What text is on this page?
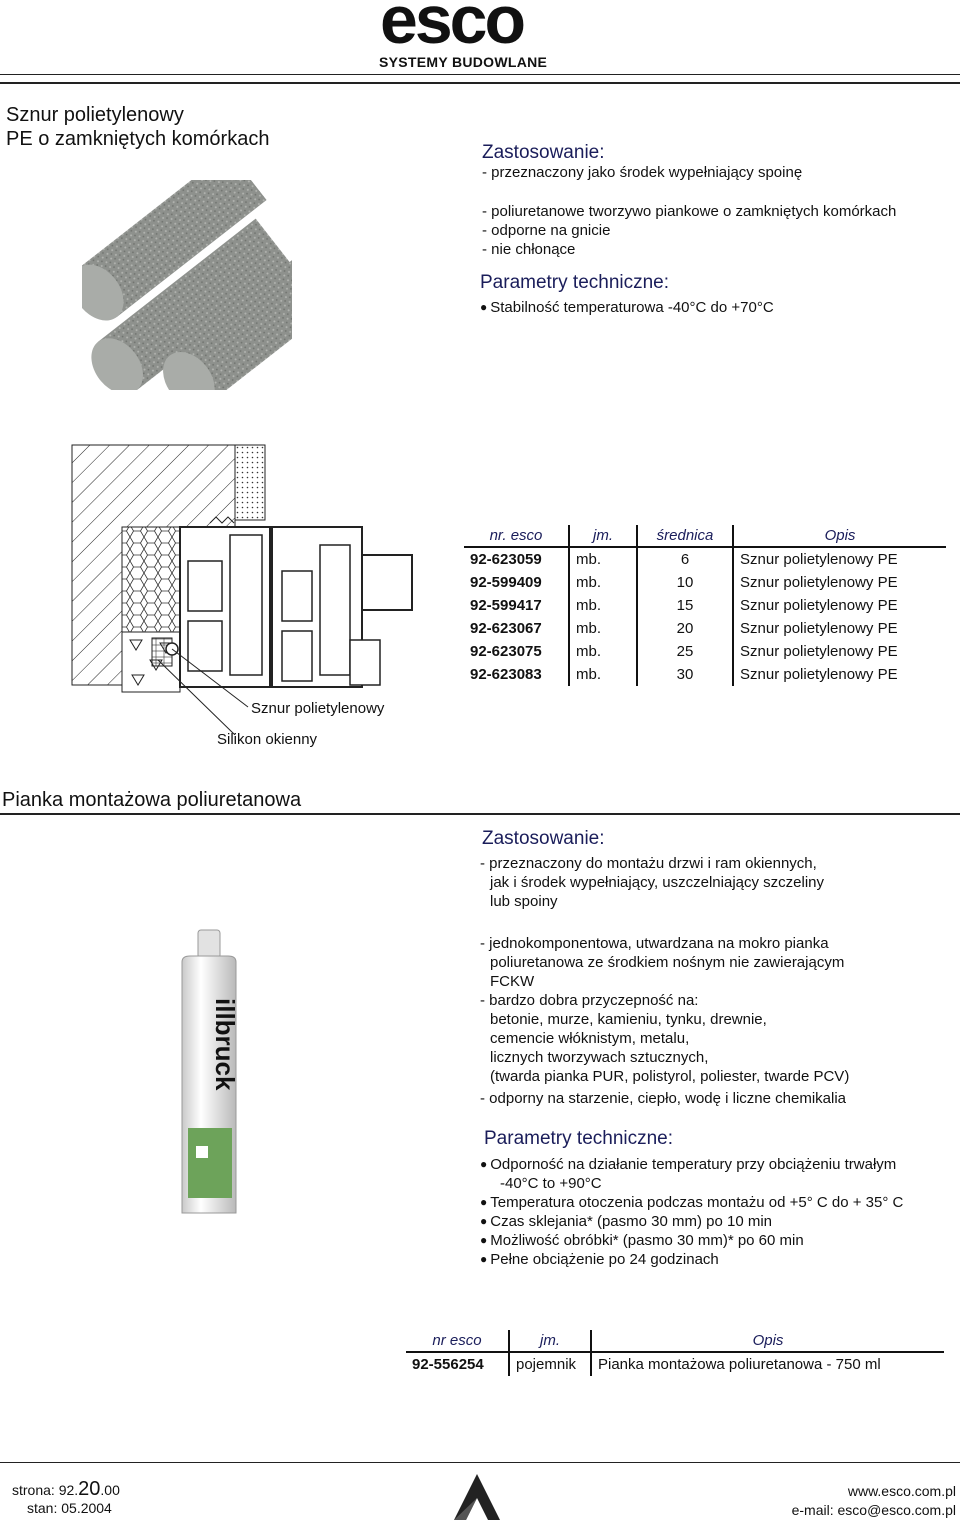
esco
SYSTEMY BUDOWLANE
Sznur polietylenowy
PE o zamkniętych komórkach
Zastosowanie:
- przeznaczony jako środek wypełniający spoinę
- poliuretanowe tworzywo piankowe o zamkniętych komórkach
- odporne na gnicie
- nie chłonące
Parametry techniczne:
● Stabilność temperaturowa -40°C do +70°C
Sznur polietylenowy
Silikon okienny
nr. esco	jm.	średnica	Opis
92-623059	mb.	6	Sznur polietylenowy PE
92-599409	mb.	10	Sznur polietylenowy PE
92-599417	mb.	15	Sznur polietylenowy PE
92-623067	mb.	20	Sznur polietylenowy PE
92-623075	mb.	25	Sznur polietylenowy PE
92-623083	mb.	30	Sznur polietylenowy PE
Pianka montażowa poliuretanowa
Zastosowanie:
- przeznaczony do montażu drzwi i ram okiennych,
jak i środek wypełniający, uszczelniający szczeliny
lub spoiny
- jednokomponentowa, utwardzana na mokro pianka
poliuretanowa ze środkiem nośnym nie zawierającym
FCKW
- bardzo dobra przyczepność na:
betonie, murze, kamieniu, tynku, drewnie,
cemencie włóknistym, metalu,
licznych tworzywach sztucznych,
(twarda pianka PUR, polistyrol, poliester, twarde PCV)
- odporny na starzenie, ciepło, wodę i liczne chemikalia
illbruck
Parametry techniczne:
● Odporność na działanie temperatury przy obciążeniu trwałym
-40°C to +90°C
● Temperatura otoczenia podczas montażu od +5° C do + 35° C
● Czas sklejania* (pasmo 30 mm) po 10 min
● Możliwość obróbki* (pasmo 30 mm)* po 60 min
● Pełne obciążenie po 24 godzinach
nr esco	jm.	Opis
92-556254	pojemnik	Pianka montażowa poliuretanowa - 750 ml
strona: 92.20.00
stan: 05.2004
www.esco.com.pl
e-mail: esco@esco.com.pl
